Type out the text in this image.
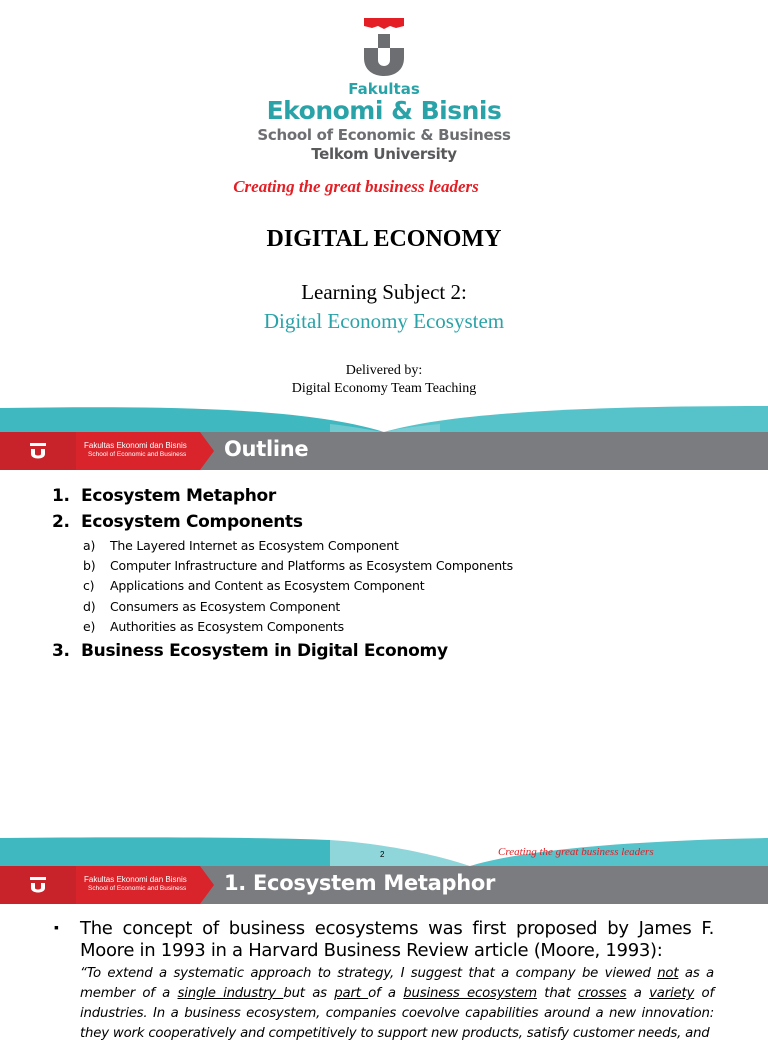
Fakultas
Ekonomi & Bisnis
School of Economic & Business
Telkom University
Creating the great business leaders
DIGITAL ECONOMY
Learning Subject 2:
Digital Economy Ecosystem
Delivered by:
Digital Economy Team Teaching
Fakultas Ekonomi dan Bisnis
School of Economic and Business Outline
1. Ecosystem Metaphor
2. Ecosystem Components
a) The Layered Internet as Ecosystem Component
b) Computer Infrastructure and Platforms as Ecosystem Components
c) Applications and Content as Ecosystem Component
d) Consumers as Ecosystem Component
e) Authorities as Ecosystem Components
3. Business Ecosystem in Digital Economy
2	Creating the great business leaders
Fakultas Ekonomi dan Bisnis
School of Economic and Business 1. Ecosystem Metaphor
▪ The concept of business ecosystems was first proposed by James F. Moore in 1993 in a Harvard Business Review article (Moore, 1993):
“To extend a systematic approach to strategy, I suggest that a company be viewed not as a member of a single industry but as part of a business ecosystem that crosses a variety of industries. In a business ecosystem, companies coevolve capabilities around a new innovation: they work cooperatively and competitively to support new products, satisfy customer needs, and
